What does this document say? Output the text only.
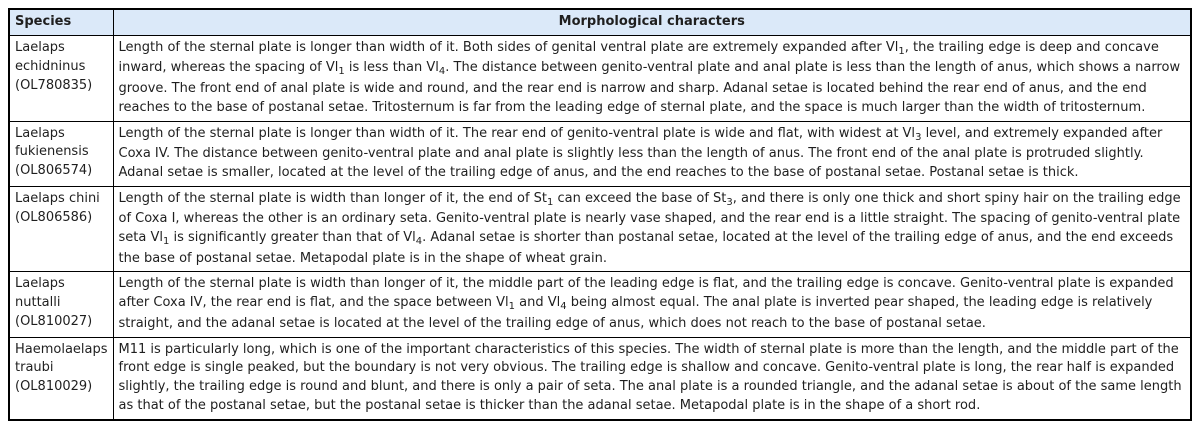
Species	Morphological characters
Laelaps echidninus (OL780835)	Length of the sternal plate is longer than width of it. Both sides of genital ventral plate are extremely expanded after $Vl_1$, the trailing edge is deep and concave inward, whereas the spacing of $Vl_1$ is less than $Vl_4$. The distance between genito-ventral plate and anal plate is less than the length of anus, which shows a narrow groove. The front end of anal plate is wide and round, and the rear end is narrow and sharp. Adanal setae is located behind the rear end of anus, and the end reaches to the base of postanal setae. Tritosternum is far from the leading edge of sternal plate, and the space is much larger than the width of tritosternum.
Laelaps fukienensis (OL806574)	Length of the sternal plate is longer than width of it. The rear end of genito-ventral plate is wide and flat, with widest at $Vl_3$ level, and extremely expanded after Coxa IV. The distance between genito-ventral plate and anal plate is slightly less than the length of anus. The front end of the anal plate is protruded slightly. Adanal setae is smaller, located at the level of the trailing edge of anus, and the end reaches to the base of postanal setae. Postanal setae is thick.
Laelaps chini (OL806586)	Length of the sternal plate is width than longer of it, the end of $St_1$ can exceed the base of $St_3$, and there is only one thick and short spiny hair on the trailing edge of Coxa I, whereas the other is an ordinary seta. Genito-ventral plate is nearly vase shaped, and the rear end is a little straight. The spacing of genito-ventral plate seta $Vl_1$ is significantly greater than that of $Vl_4$. Adanal setae is shorter than postanal setae, located at the level of the trailing edge of anus, and the end exceeds the base of postanal setae. Metapodal plate is in the shape of wheat grain.
Laelaps nuttalli (OL810027)	Length of the sternal plate is width than longer of it, the middle part of the leading edge is flat, and the trailing edge is concave. Genito-ventral plate is expanded after Coxa IV, the rear end is flat, and the space between $Vl_1$ and $Vl_4$ being almost equal. The anal plate is inverted pear shaped, the leading edge is relatively straight, and the adanal setae is located at the level of the trailing edge of anus, which does not reach to the base of postanal setae.
Haemolaelaps traubi (OL810029)	M11 is particularly long, which is one of the important characteristics of this species. The width of sternal plate is more than the length, and the middle part of the front edge is single peaked, but the boundary is not very obvious. The trailing edge is shallow and concave. Genito-ventral plate is long, the rear half is expanded slightly, the trailing edge is round and blunt, and there is only a pair of seta. The anal plate is a rounded triangle, and the adanal setae is about of the same length as that of the postanal setae, but the postanal setae is thicker than the adanal setae. Metapodal plate is in the shape of a short rod.
